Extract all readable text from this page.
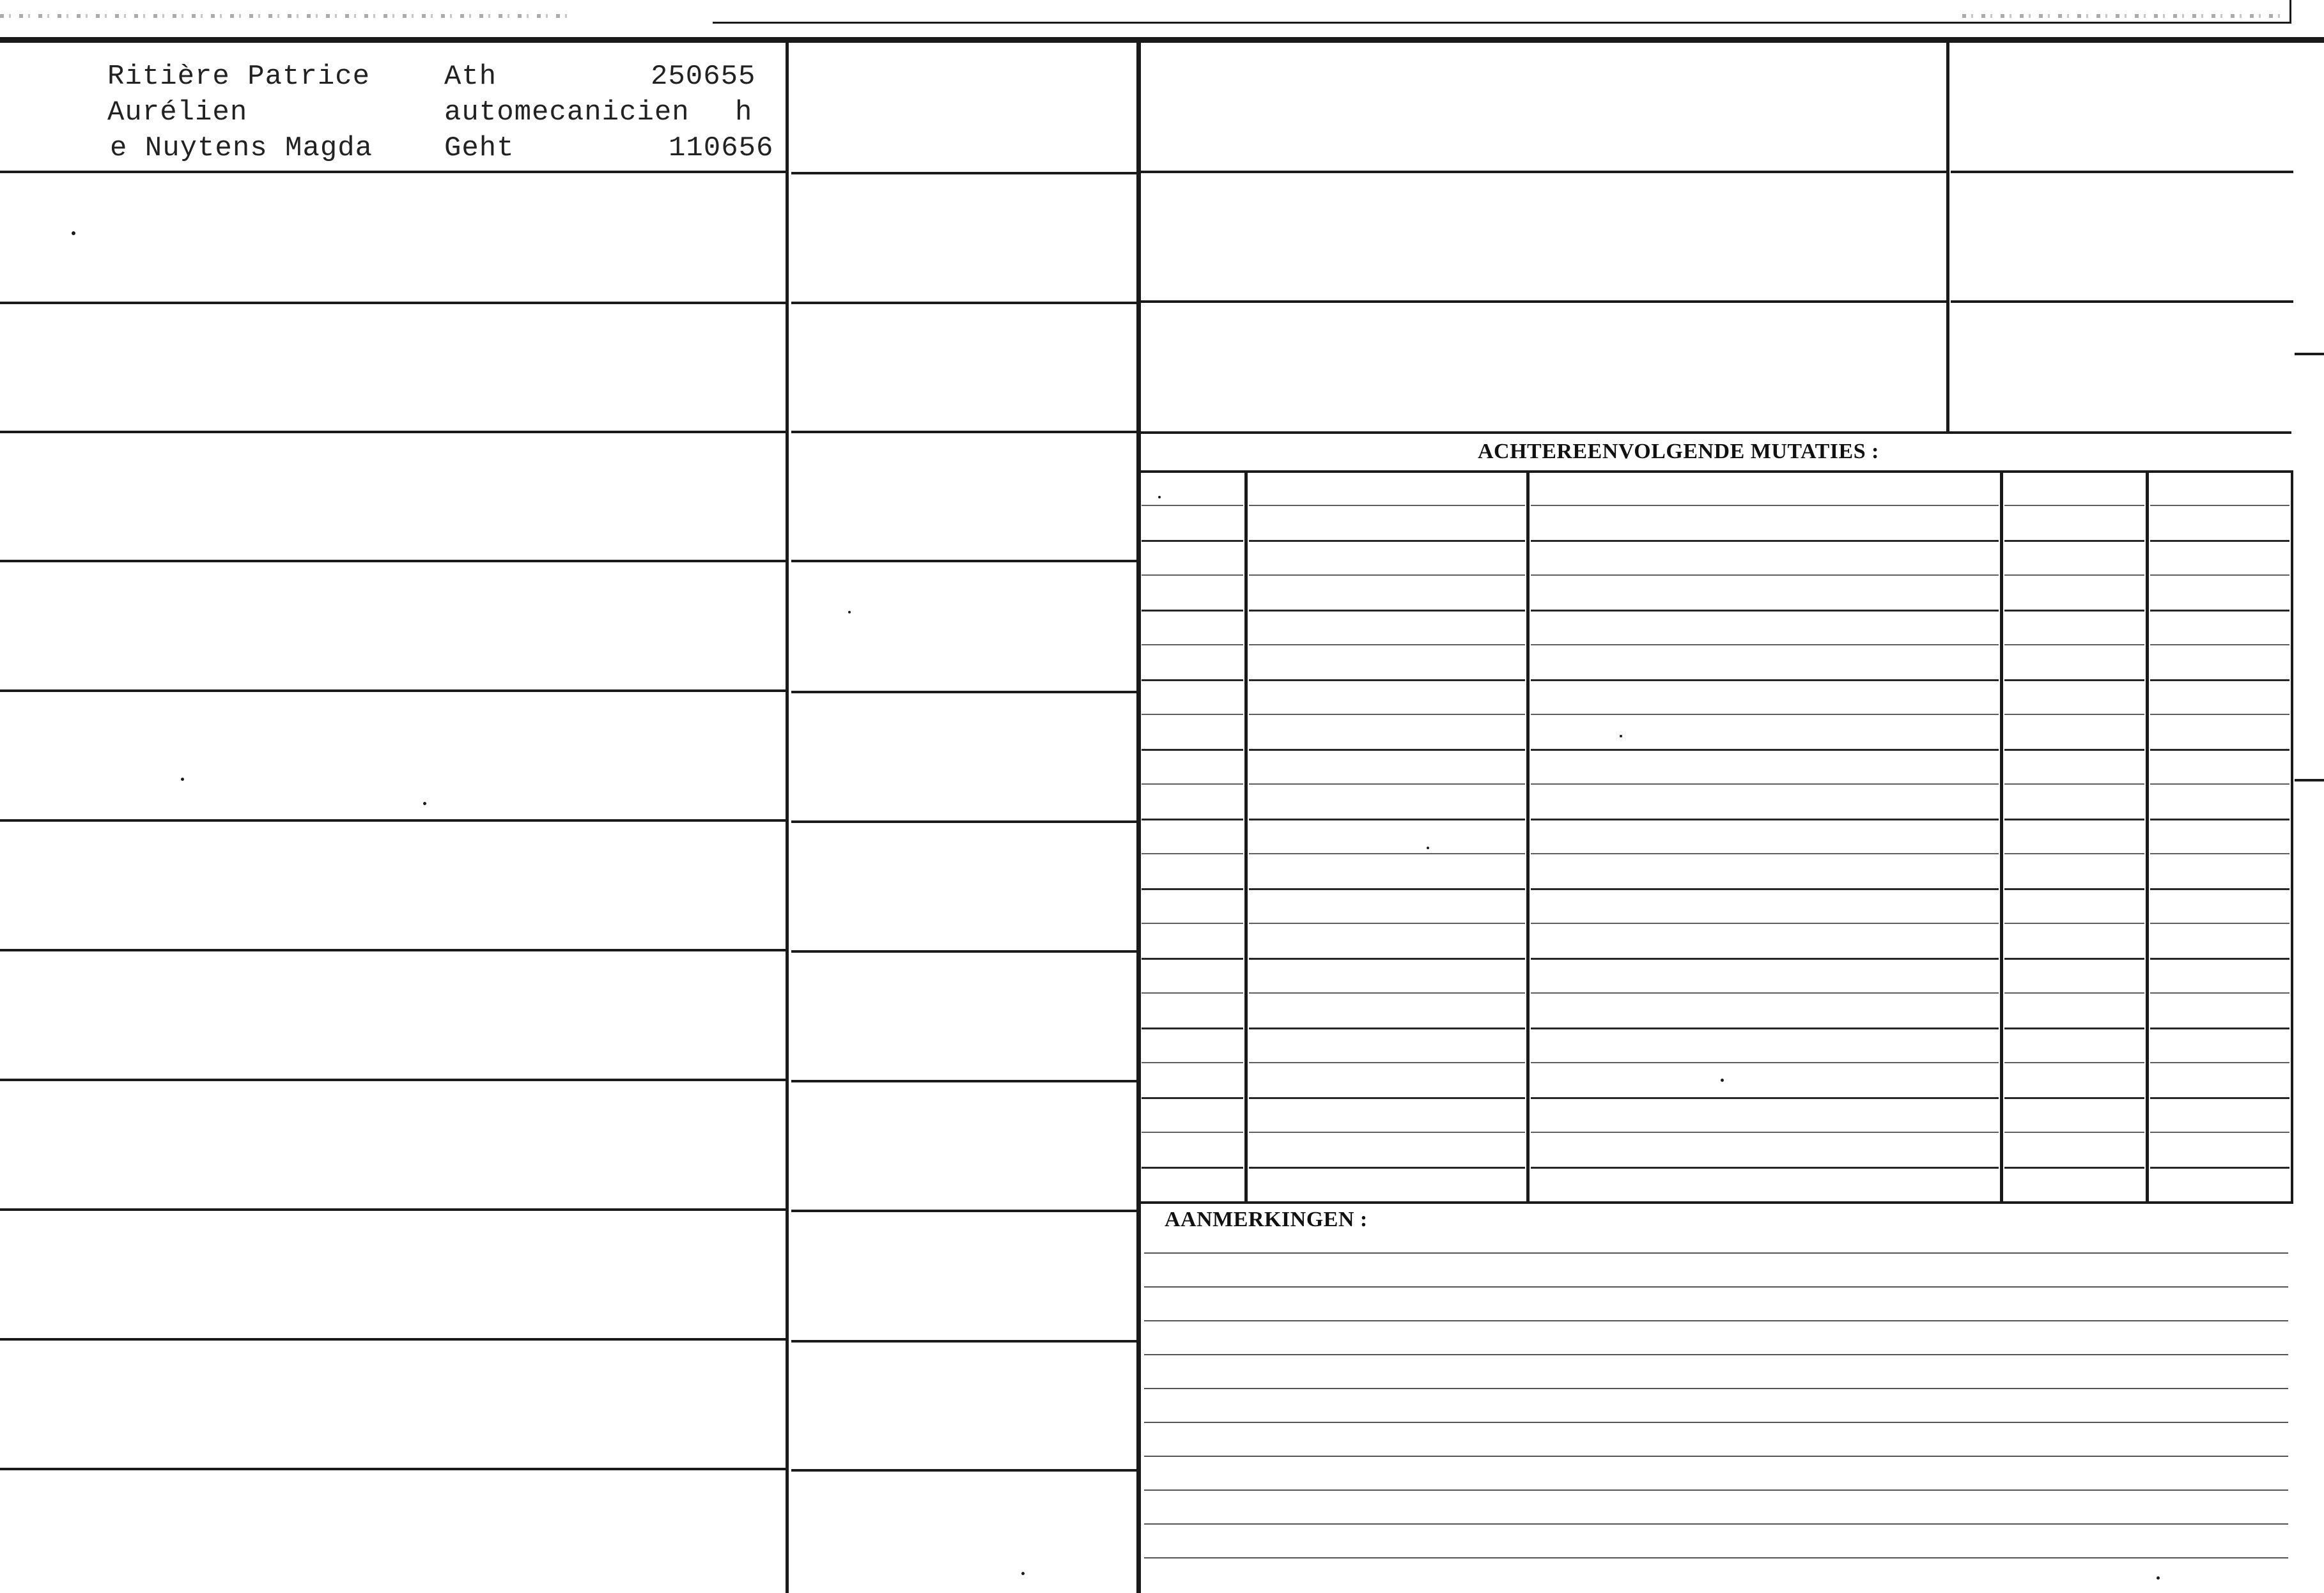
Ritière Patrice	Ath	250655
Aurélien	automecanicien h
e Nuytens Magda	Geht	110656
ACHTEREENVOLGENDE MUTATIES :
AANMERKINGEN :
